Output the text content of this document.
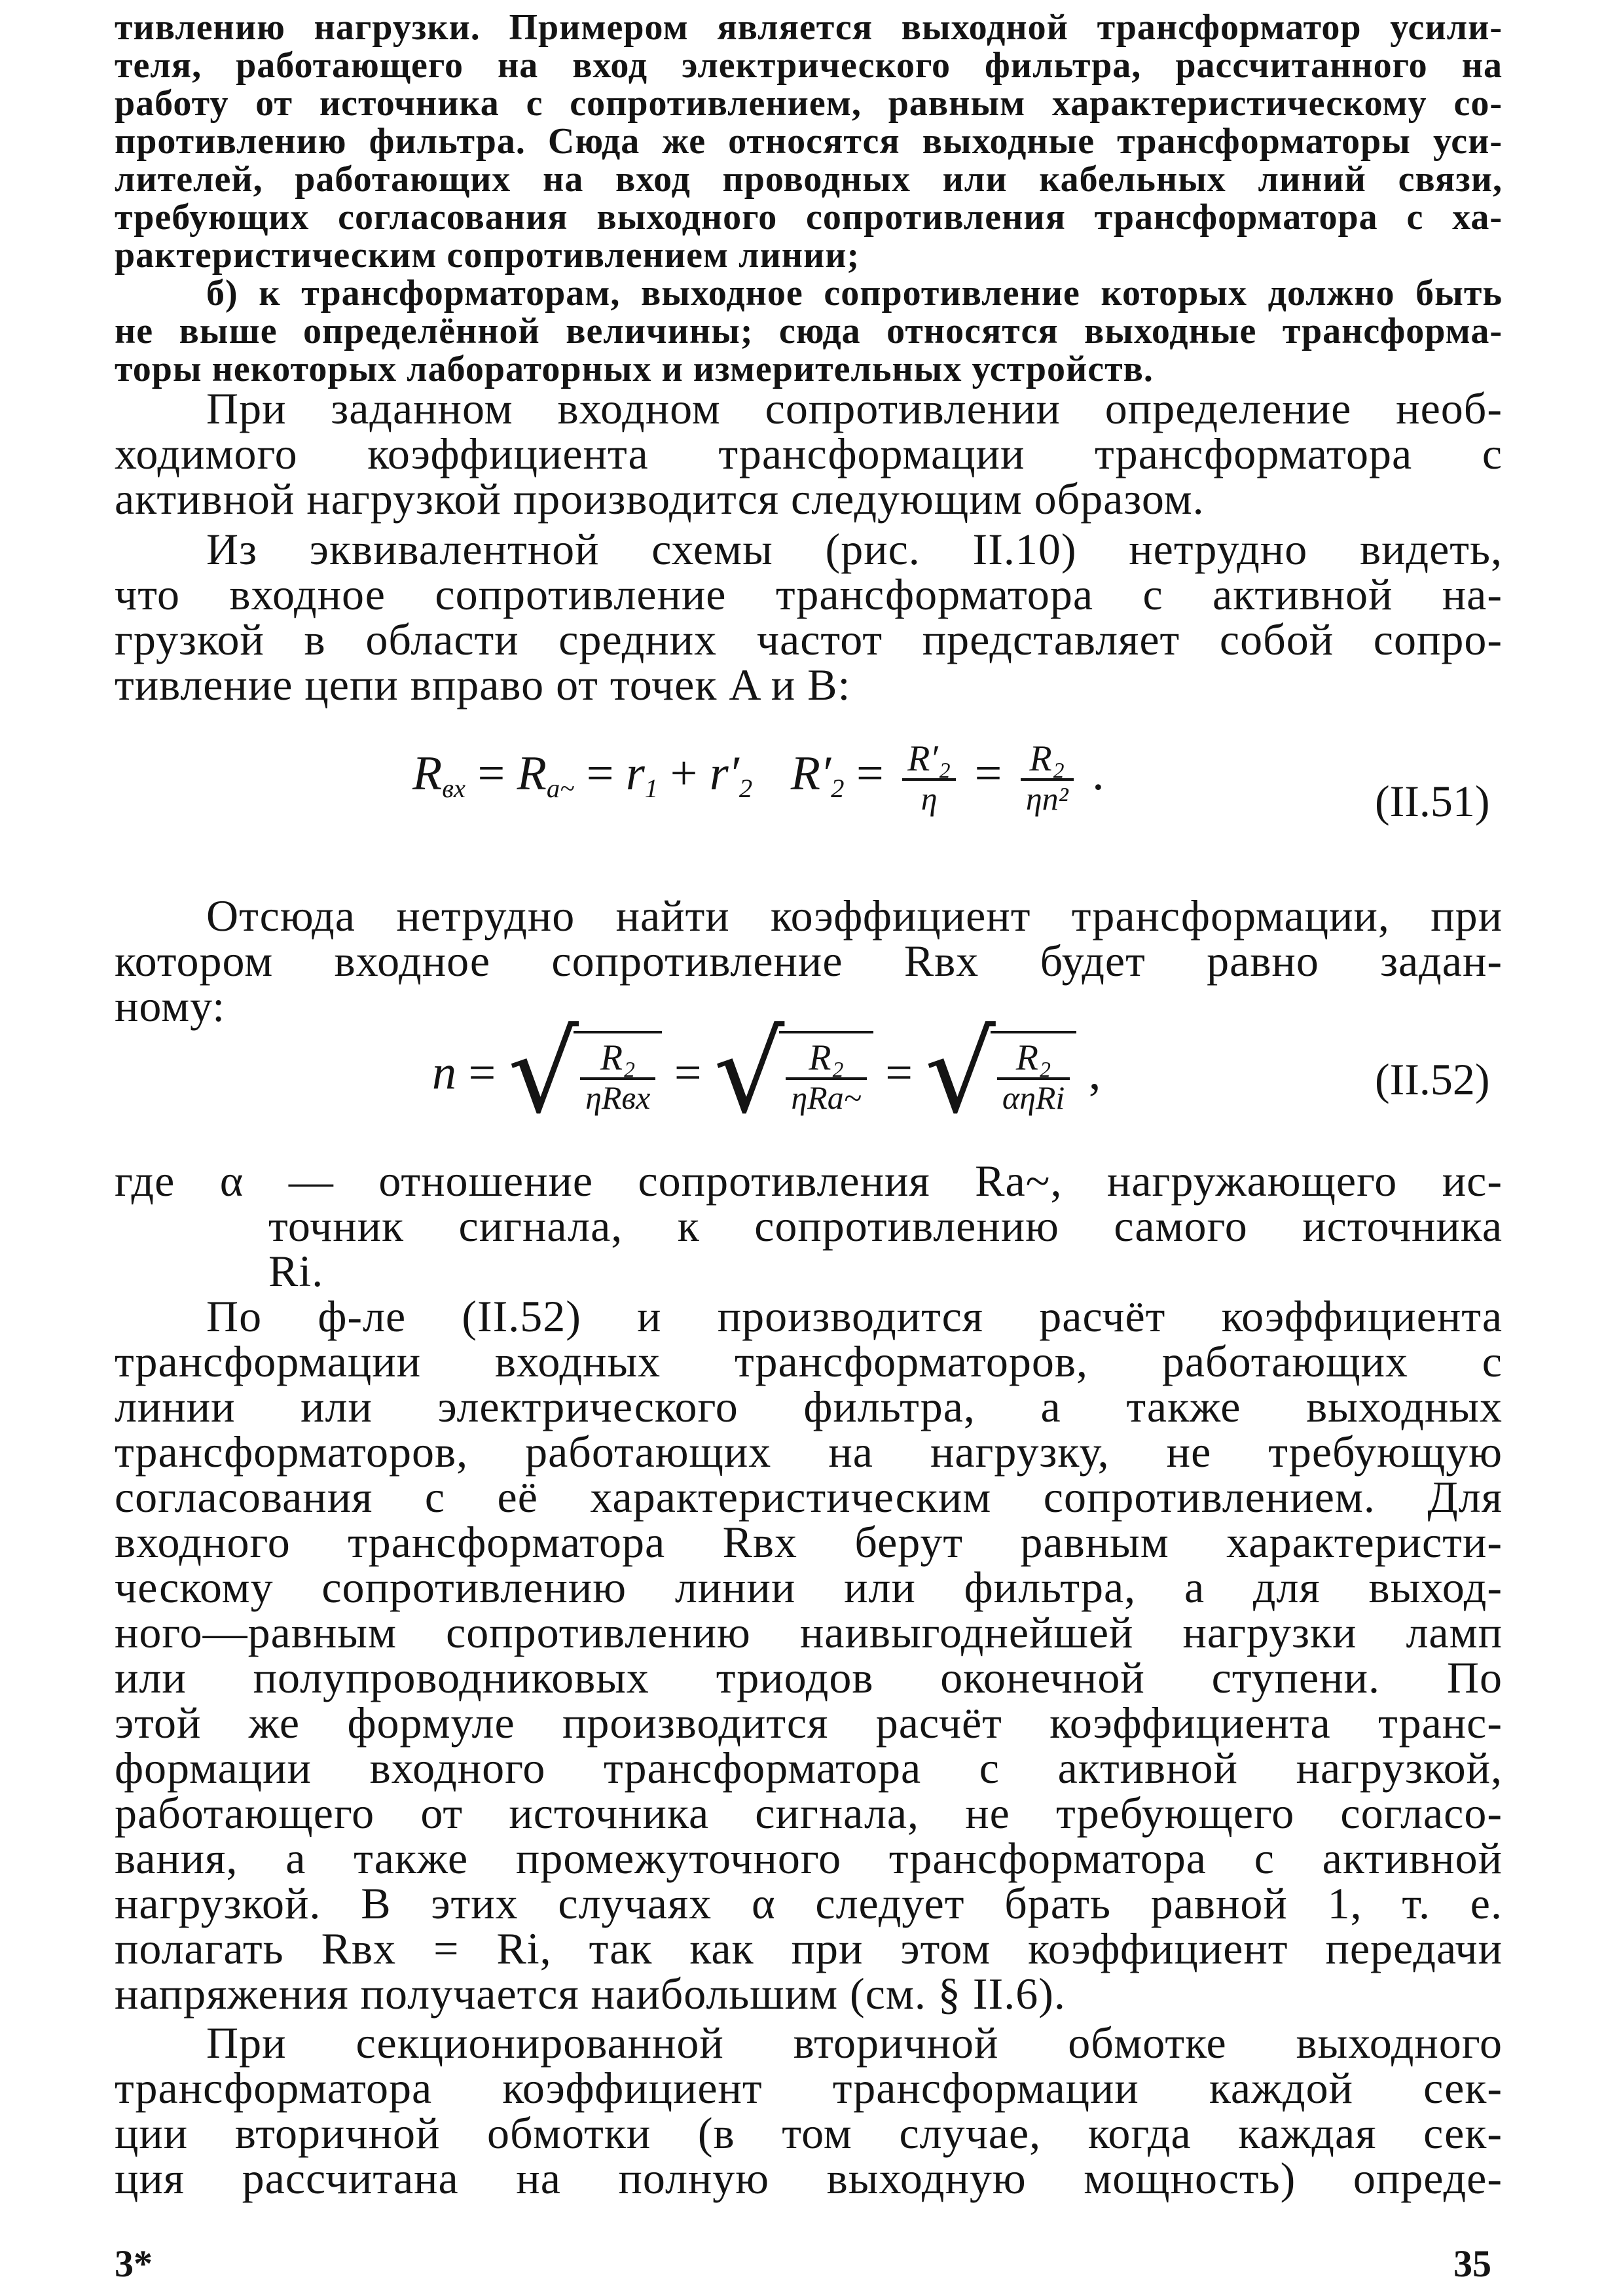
тивлению нагрузки. Примером является выходной трансформатор усили-

теля, работающего на вход электрического фильтра, рассчитанного на

работу от источника с сопротивлением, равным характеристическому со-

противлению фильтра. Сюда же относятся выходные трансформаторы уси-

лителей, работающих на вход проводных или кабельных линий связи,

требующих согласования выходного сопротивления трансформатора с ха-

рактеристическим сопротивлением линии;

б) к трансформаторам, выходное сопротивление которых должно быть

не выше определённой величины; сюда относятся выходные трансформа-

торы некоторых лабораторных и измерительных устройств.

При заданном входном сопротивлении определение необ-

ходимого коэффициента трансформации трансформатора с

активной нагрузкой производится следующим образом.

Из эквивалентной схемы (рис. II.10) нетрудно видеть,

что входное сопротивление трансформатора с активной на-

грузкой в области средних частот представляет собой сопро-

тивление цепи вправо от точек A и B:

$R_{вх} = R_{a\sim} = r_1 + r'_2$ $R'_2 = \frac{\text{R′₂}}{\eta} = \frac{\text{R₂}}{\text{ηn²}}$ .
(II.51)

Отсюда нетрудно найти коэффициент трансформации, при

котором входное сопротивление Rвх будет равно задан-

ному:

n = √ $\frac{\text{R₂}}{\text{ηRвх}}$ = √ $\frac{\text{R₂}}{\text{ηRa\textasciitilde{}}}$ = √ $\frac{\text{R₂}}{\text{αηRi}}$ ,	(II.52)

где α — отношение сопротивления Ra~, нагружающего ис-

точник сигнала, к сопротивлению самого источника

Ri.

По ф-ле (II.52) и производится расчёт коэффициента

трансформации входных трансформаторов, работающих с

линии или электрического фильтра, а также выходных

трансформаторов, работающих на нагрузку, не требующую

согласования с её характеристическим сопротивлением. Для

входного трансформатора Rвх берут равным характеристи-

ческому сопротивлению линии или фильтра, а для выход-

ного—равным сопротивлению наивыгоднейшей нагрузки ламп

или полупроводниковых триодов оконечной ступени. По

этой же формуле производится расчёт коэффициента транс-

формации входного трансформатора с активной нагрузкой,

работающего от источника сигнала, не требующего согласо-

вания, а также промежуточного трансформатора с активной

нагрузкой. В этих случаях α следует брать равной 1, т. е.

полагать Rвх = Ri, так как при этом коэффициент передачи

напряжения получается наибольшим (см. § II.6).

При секционированной вторичной обмотке выходного

трансформатора коэффициент трансформации каждой сек-

ции вторичной обмотки (в том случае, когда каждая сек-

ция рассчитана на полную выходную мощность) опреде-

3*	35
